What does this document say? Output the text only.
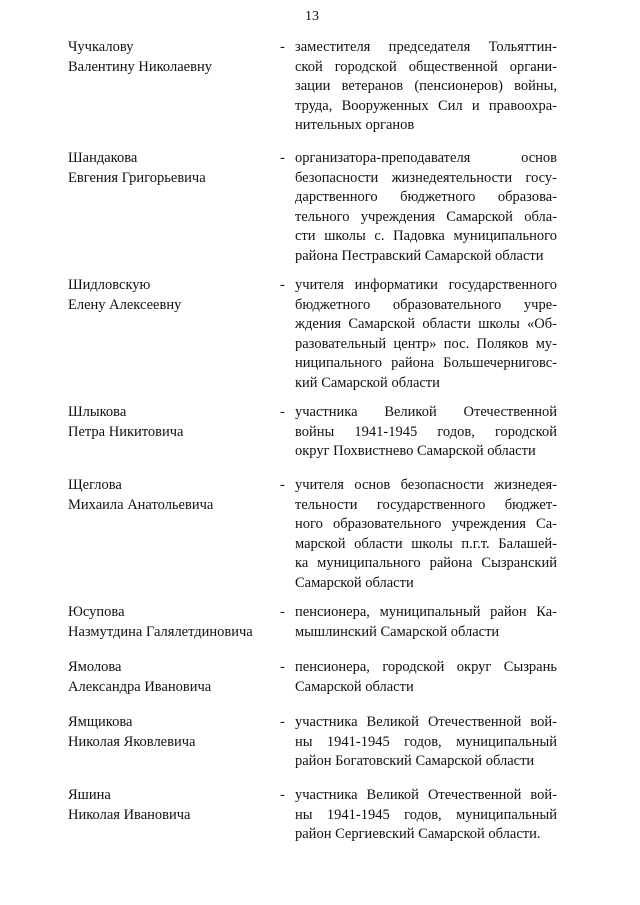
13
Чучкалову
Валентину Николаевну
- заместителя председателя Тольяттин-
ской городской общественной органи-
зации ветеранов (пенсионеров) войны,
труда, Вооруженных Сил и правоохра-
нительных органов
Шандакова
Евгения Григорьевича
- организатора-преподавателя основ
безопасности жизнедеятельности госу-
дарственного бюджетного образова-
тельного учреждения Самарской обла-
сти школы с. Падовка муниципального
района Пестравский Самарской области
Шидловскую
Елену Алексеевну
- учителя информатики государственного
бюджетного образовательного учре-
ждения Самарской области школы «Об-
разовательный центр» пос. Поляков му-
ниципального района Большечерниговс-
кий Самарской области
Шлыкова
Петра Никитовича
- участника Великой Отечественной
войны 1941-1945 годов, городской
округ Похвистнево Самарской области
Щеглова
Михаила Анатольевича
- учителя основ безопасности жизнедея-
тельности государственного бюджет-
ного образовательного учреждения Са-
марской области школы п.г.т. Балашей-
ка муниципального района Сызранский
Самарской области
Юсупова
Назмутдина Галялетдиновича
- пенсионера, муниципальный район Ка-
мышлинский Самарской области
Ямолова
Александра Ивановича
- пенсионера, городской округ Сызрань
Самарской области
Ямщикова
Николая Яковлевича
- участника Великой Отечественной вой-
ны 1941-1945 годов, муниципальный
район Богатовский Самарской области
Яшина
Николая Ивановича
- участника Великой Отечественной вой-
ны 1941-1945 годов, муниципальный
район Сергиевский Самарской области.
